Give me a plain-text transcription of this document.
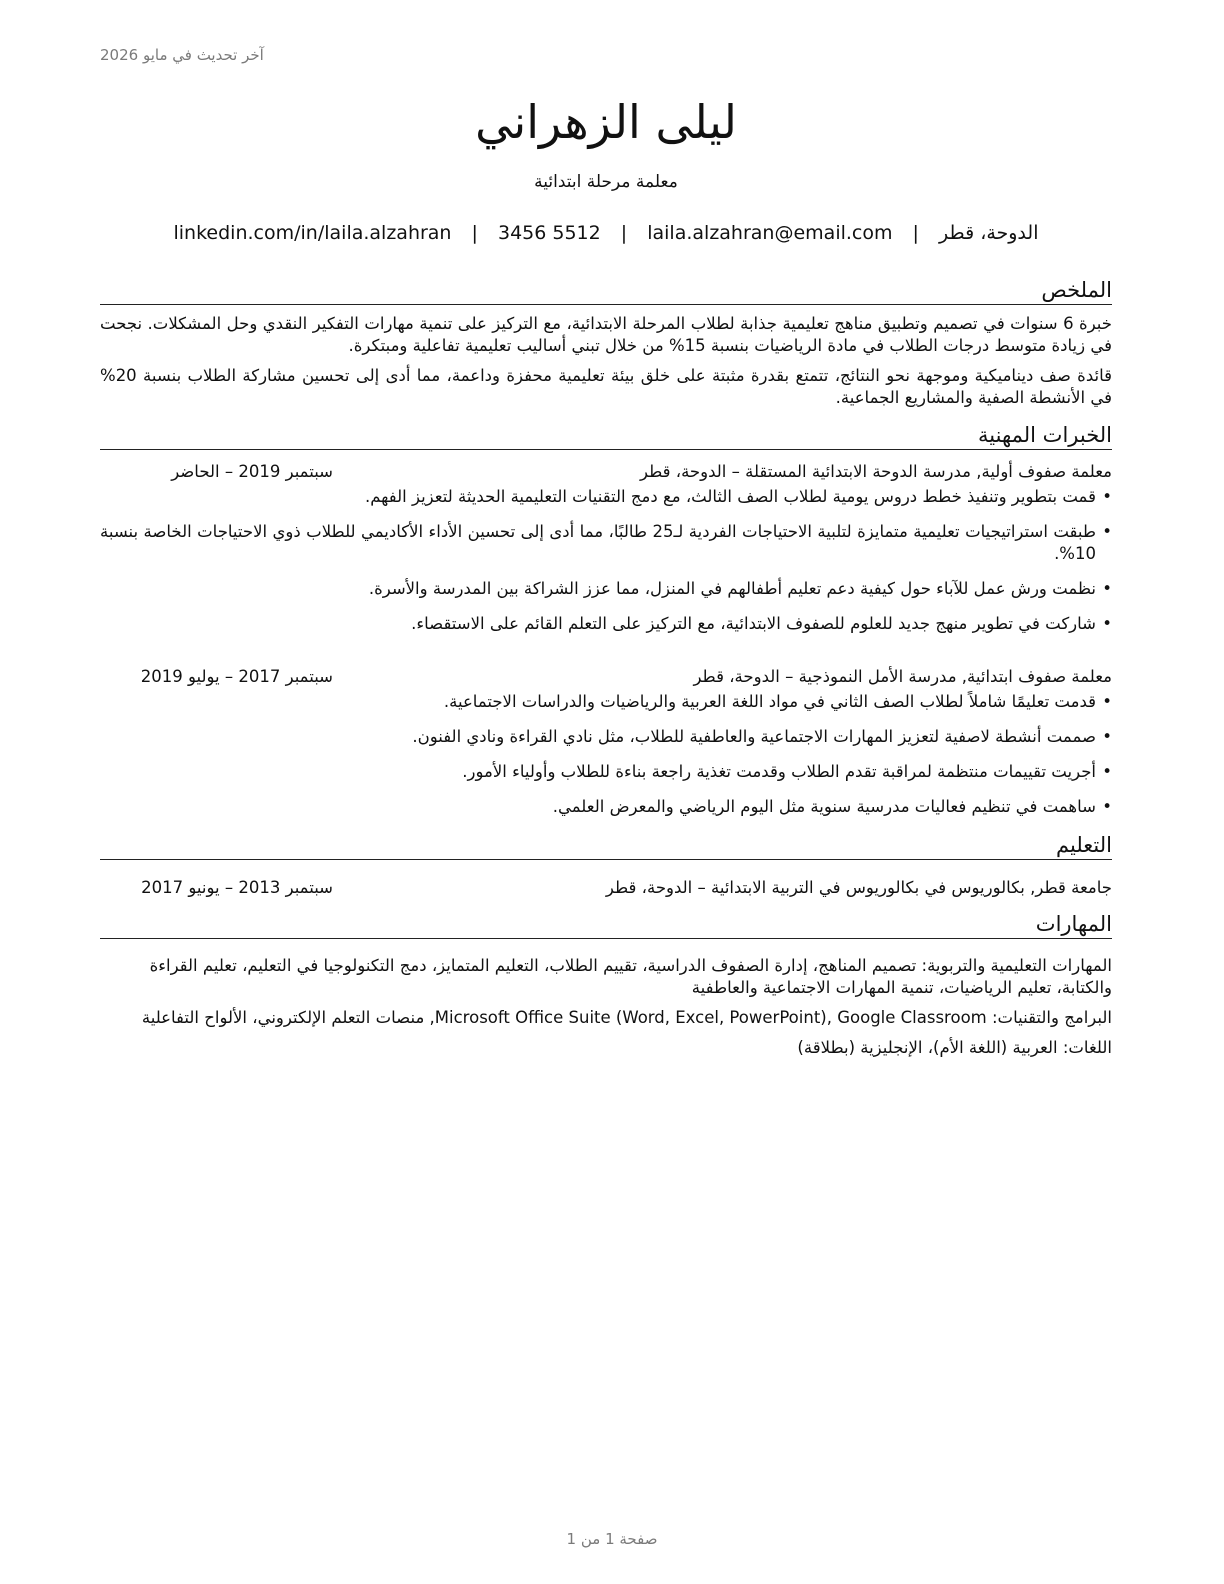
آخر تحديث في مايو 2026
ليلى الزهراني
معلمة مرحلة ابتدائية
الدوحة، قطر | laila.alzahran@email.com | 3456 5512 | linkedin.com/in/laila.alzahran
الملخص

خبرة 6 سنوات في تصميم وتطبيق مناهج تعليمية جذابة لطلاب المرحلة الابتدائية، مع التركيز على تنمية مهارات التفكير النقدي وحل المشكلات. نجحت في زيادة متوسط درجات الطلاب في مادة الرياضيات بنسبة 15% من خلال تبني أساليب تعليمية تفاعلية ومبتكرة.

قائدة صف ديناميكية وموجهة نحو النتائج، تتمتع بقدرة مثبتة على خلق بيئة تعليمية محفزة وداعمة، مما أدى إلى تحسين مشاركة الطلاب بنسبة 20% في الأنشطة الصفية والمشاريع الجماعية.

الخبرات المهنية
معلمة صفوف أولية, مدرسة الدوحة الابتدائية المستقلة – الدوحة، قطر
سبتمبر 2019 – الحاضر
• قمت بتطوير وتنفيذ خطط دروس يومية لطلاب الصف الثالث، مع دمج التقنيات التعليمية الحديثة لتعزيز الفهم.
• طبقت استراتيجيات تعليمية متمايزة لتلبية الاحتياجات الفردية لـ25 طالبًا، مما أدى إلى تحسين الأداء الأكاديمي للطلاب ذوي الاحتياجات الخاصة بنسبة 10%.
• نظمت ورش عمل للآباء حول كيفية دعم تعليم أطفالهم في المنزل، مما عزز الشراكة بين المدرسة والأسرة.
• شاركت في تطوير منهج جديد للعلوم للصفوف الابتدائية، مع التركيز على التعلم القائم على الاستقصاء.
معلمة صفوف ابتدائية, مدرسة الأمل النموذجية – الدوحة، قطر
سبتمبر 2017 – يوليو 2019
• قدمت تعليمًا شاملاً لطلاب الصف الثاني في مواد اللغة العربية والرياضيات والدراسات الاجتماعية.
• صممت أنشطة لاصفية لتعزيز المهارات الاجتماعية والعاطفية للطلاب، مثل نادي القراءة ونادي الفنون.
• أجريت تقييمات منتظمة لمراقبة تقدم الطلاب وقدمت تغذية راجعة بناءة للطلاب وأولياء الأمور.
• ساهمت في تنظيم فعاليات مدرسية سنوية مثل اليوم الرياضي والمعرض العلمي.
التعليم
جامعة قطر, بكالوريوس في بكالوريوس في التربية الابتدائية – الدوحة، قطر
سبتمبر 2013 – يونيو 2017
المهارات
المهارات التعليمية والتربوية: تصميم المناهج، إدارة الصفوف الدراسية، تقييم الطلاب، التعليم المتمايز، دمج التكنولوجيا في التعليم، تعليم القراءة والكتابة، تعليم الرياضيات، تنمية المهارات الاجتماعية والعاطفية
البرامج والتقنيات: Microsoft Office Suite (Word, Excel, PowerPoint), Google Classroom, منصات التعلم الإلكتروني، الألواح التفاعلية
اللغات: العربية (اللغة الأم)، الإنجليزية (بطلاقة)
صفحة 1 من 1
